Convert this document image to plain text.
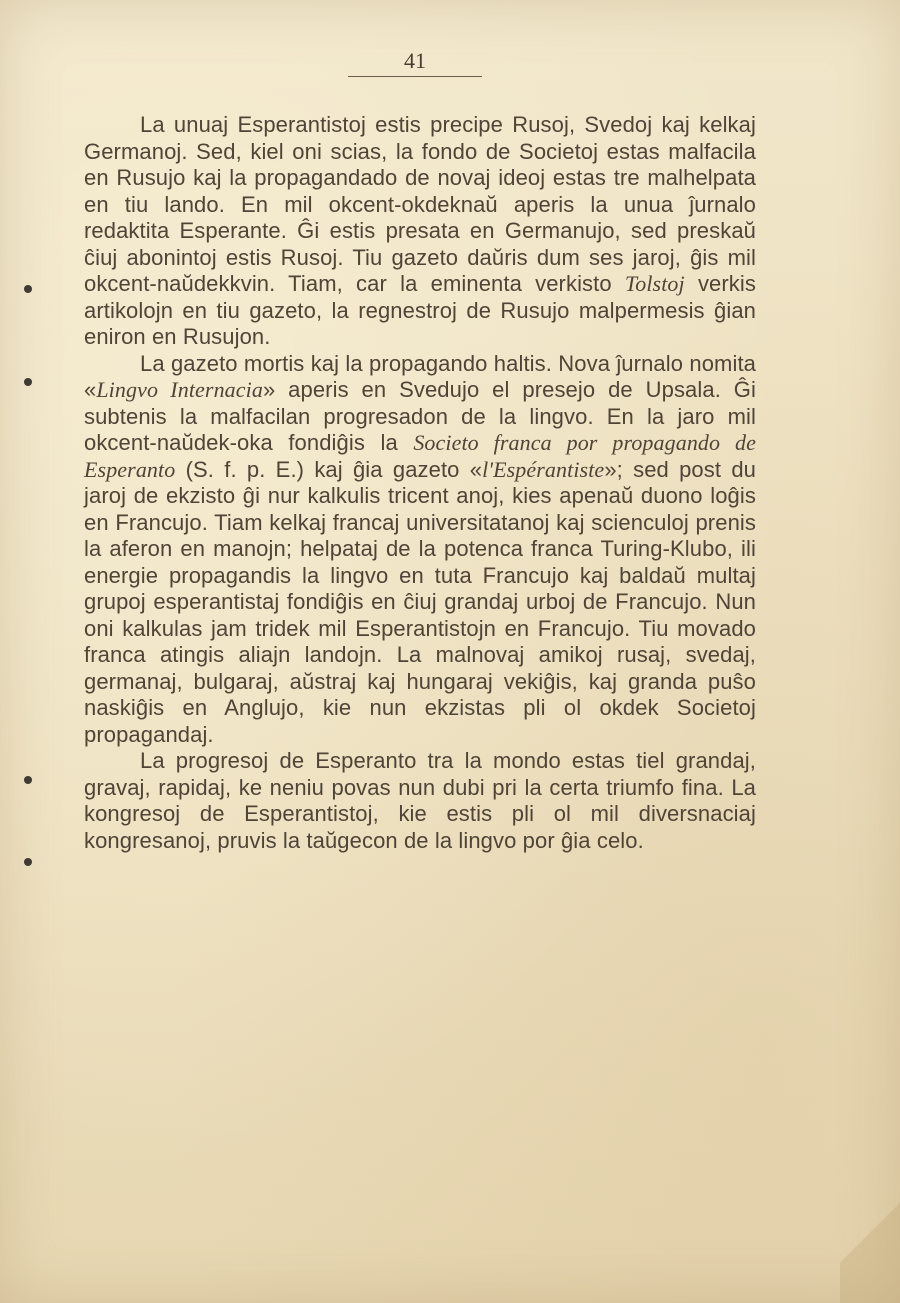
41

La unuaj Esperantistoj estis precipe Rusoj, Svedoj kaj kelkaj Germanoj. Sed, kiel oni scias, la fondo de Societoj estas malfacila en Rusujo kaj la propagandado de novaj ideoj estas tre malhelpata en tiu lando. En mil okcent-okdeknaŭ aperis la unua ĵurnalo redaktita Esperante. Ĝi estis presata en Germanujo, sed preskaŭ ĉiuj abonintoj estis Rusoj. Tiu gazeto daŭris dum ses jaroj, ĝis mil okcent-naŭdekkvin. Tiam, car la eminenta verkisto Tolstoj verkis artikolojn en tiu gazeto, la regnestroj de Rusujo malpermesis ĝian eniron en Rusujon.

La gazeto mortis kaj la propagando haltis. Nova ĵurnalo nomita «Lingvo Internacia» aperis en Svedujo el presejo de Upsala. Ĝi subtenis la malfacilan progresadon de la lingvo. En la jaro mil okcent-naŭdek-oka fondiĝis la Societo franca por propagando de Esperanto (S. f. p. E.) kaj ĝia gazeto «l'Espérantiste»; sed post du jaroj de ekzisto ĝi nur kalkulis tricent anoj, kies apenaŭ duono loĝis en Francujo. Tiam kelkaj francaj universitatanoj kaj scienculoj prenis la aferon en manojn; helpataj de la potenca franca Turing-Klubo, ili energie propagandis la lingvo en tuta Francujo kaj baldaŭ multaj grupoj esperantistaj fondiĝis en ĉiuj grandaj urboj de Francujo. Nun oni kalkulas jam tridek mil Esperantistojn en Francujo. Tiu movado franca atingis aliajn landojn. La malnovaj amikoj rusaj, svedaj, germanaj, bulgaraj, aŭstraj kaj hungaraj vekiĝis, kaj granda puŝo naskiĝis en Anglujo, kie nun ekzistas pli ol okdek Societoj propagandaj.

La progresoj de Esperanto tra la mondo estas tiel grandaj, gravaj, rapidaj, ke neniu povas nun dubi pri la certa triumfo fina. La kongresoj de Esperantistoj, kie estis pli ol mil diversnaciaj kongresanoj, pruvis la taŭgecon de la lingvo por ĝia celo.
